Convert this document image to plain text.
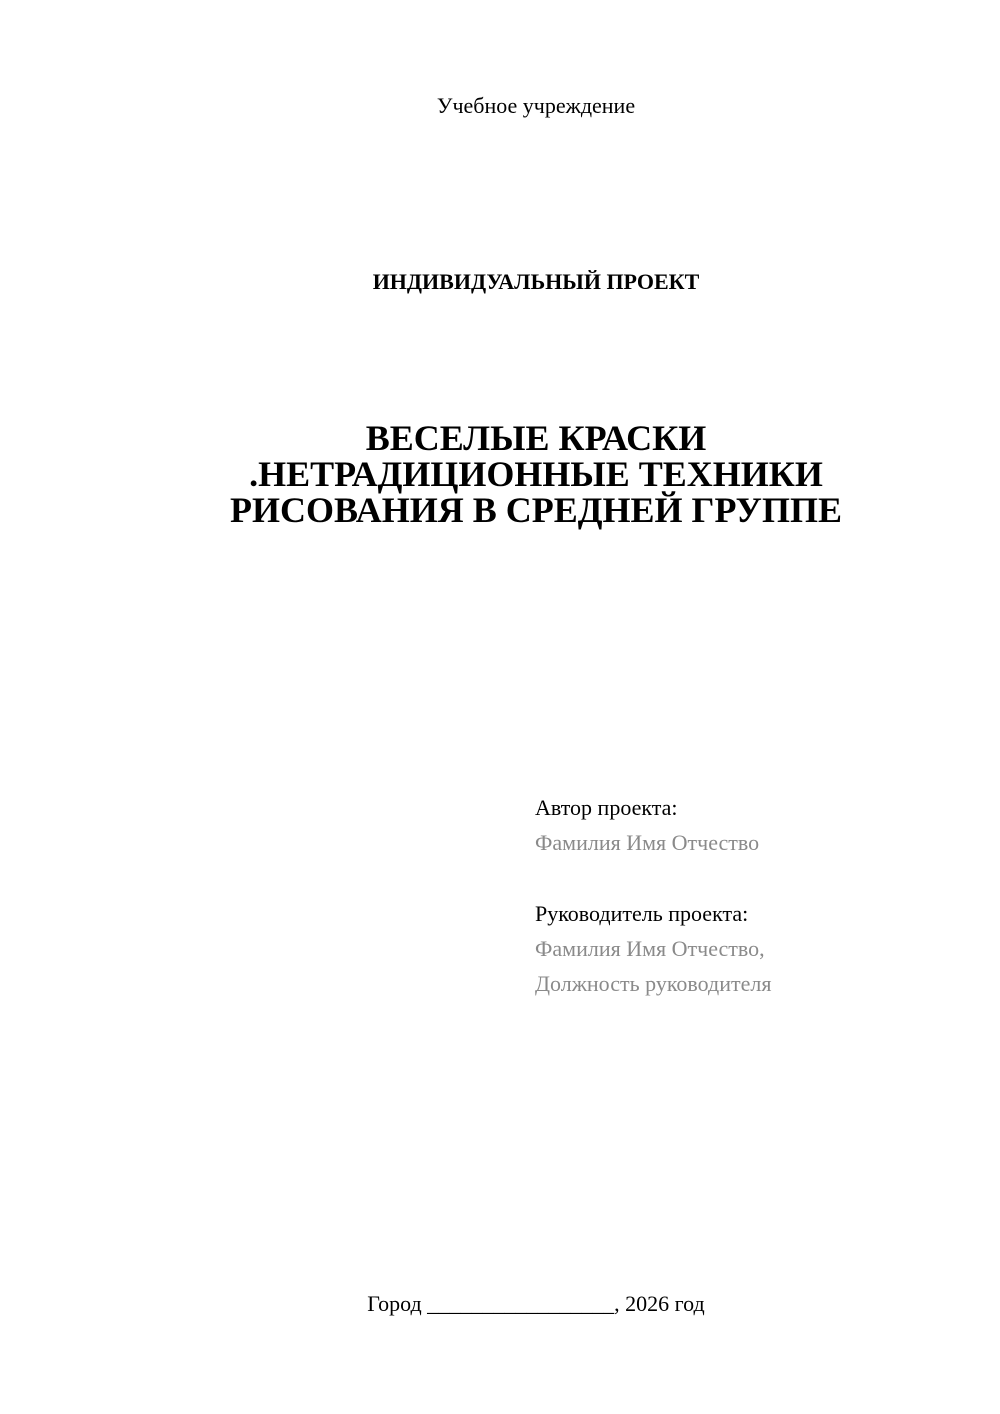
Учебное учреждение
ИНДИВИДУАЛЬНЫЙ ПРОЕКТ
ВЕСЕЛЫЕ КРАСКИ
.НЕТРАДИЦИОННЫЕ ТЕХНИКИ
РИСОВАНИЯ В СРЕДНЕЙ ГРУППЕ
Автор проекта:
Фамилия Имя Отчество
Руководитель проекта:
Фамилия Имя Отчество,
Должность руководителя
Город _________________, 2026 год
